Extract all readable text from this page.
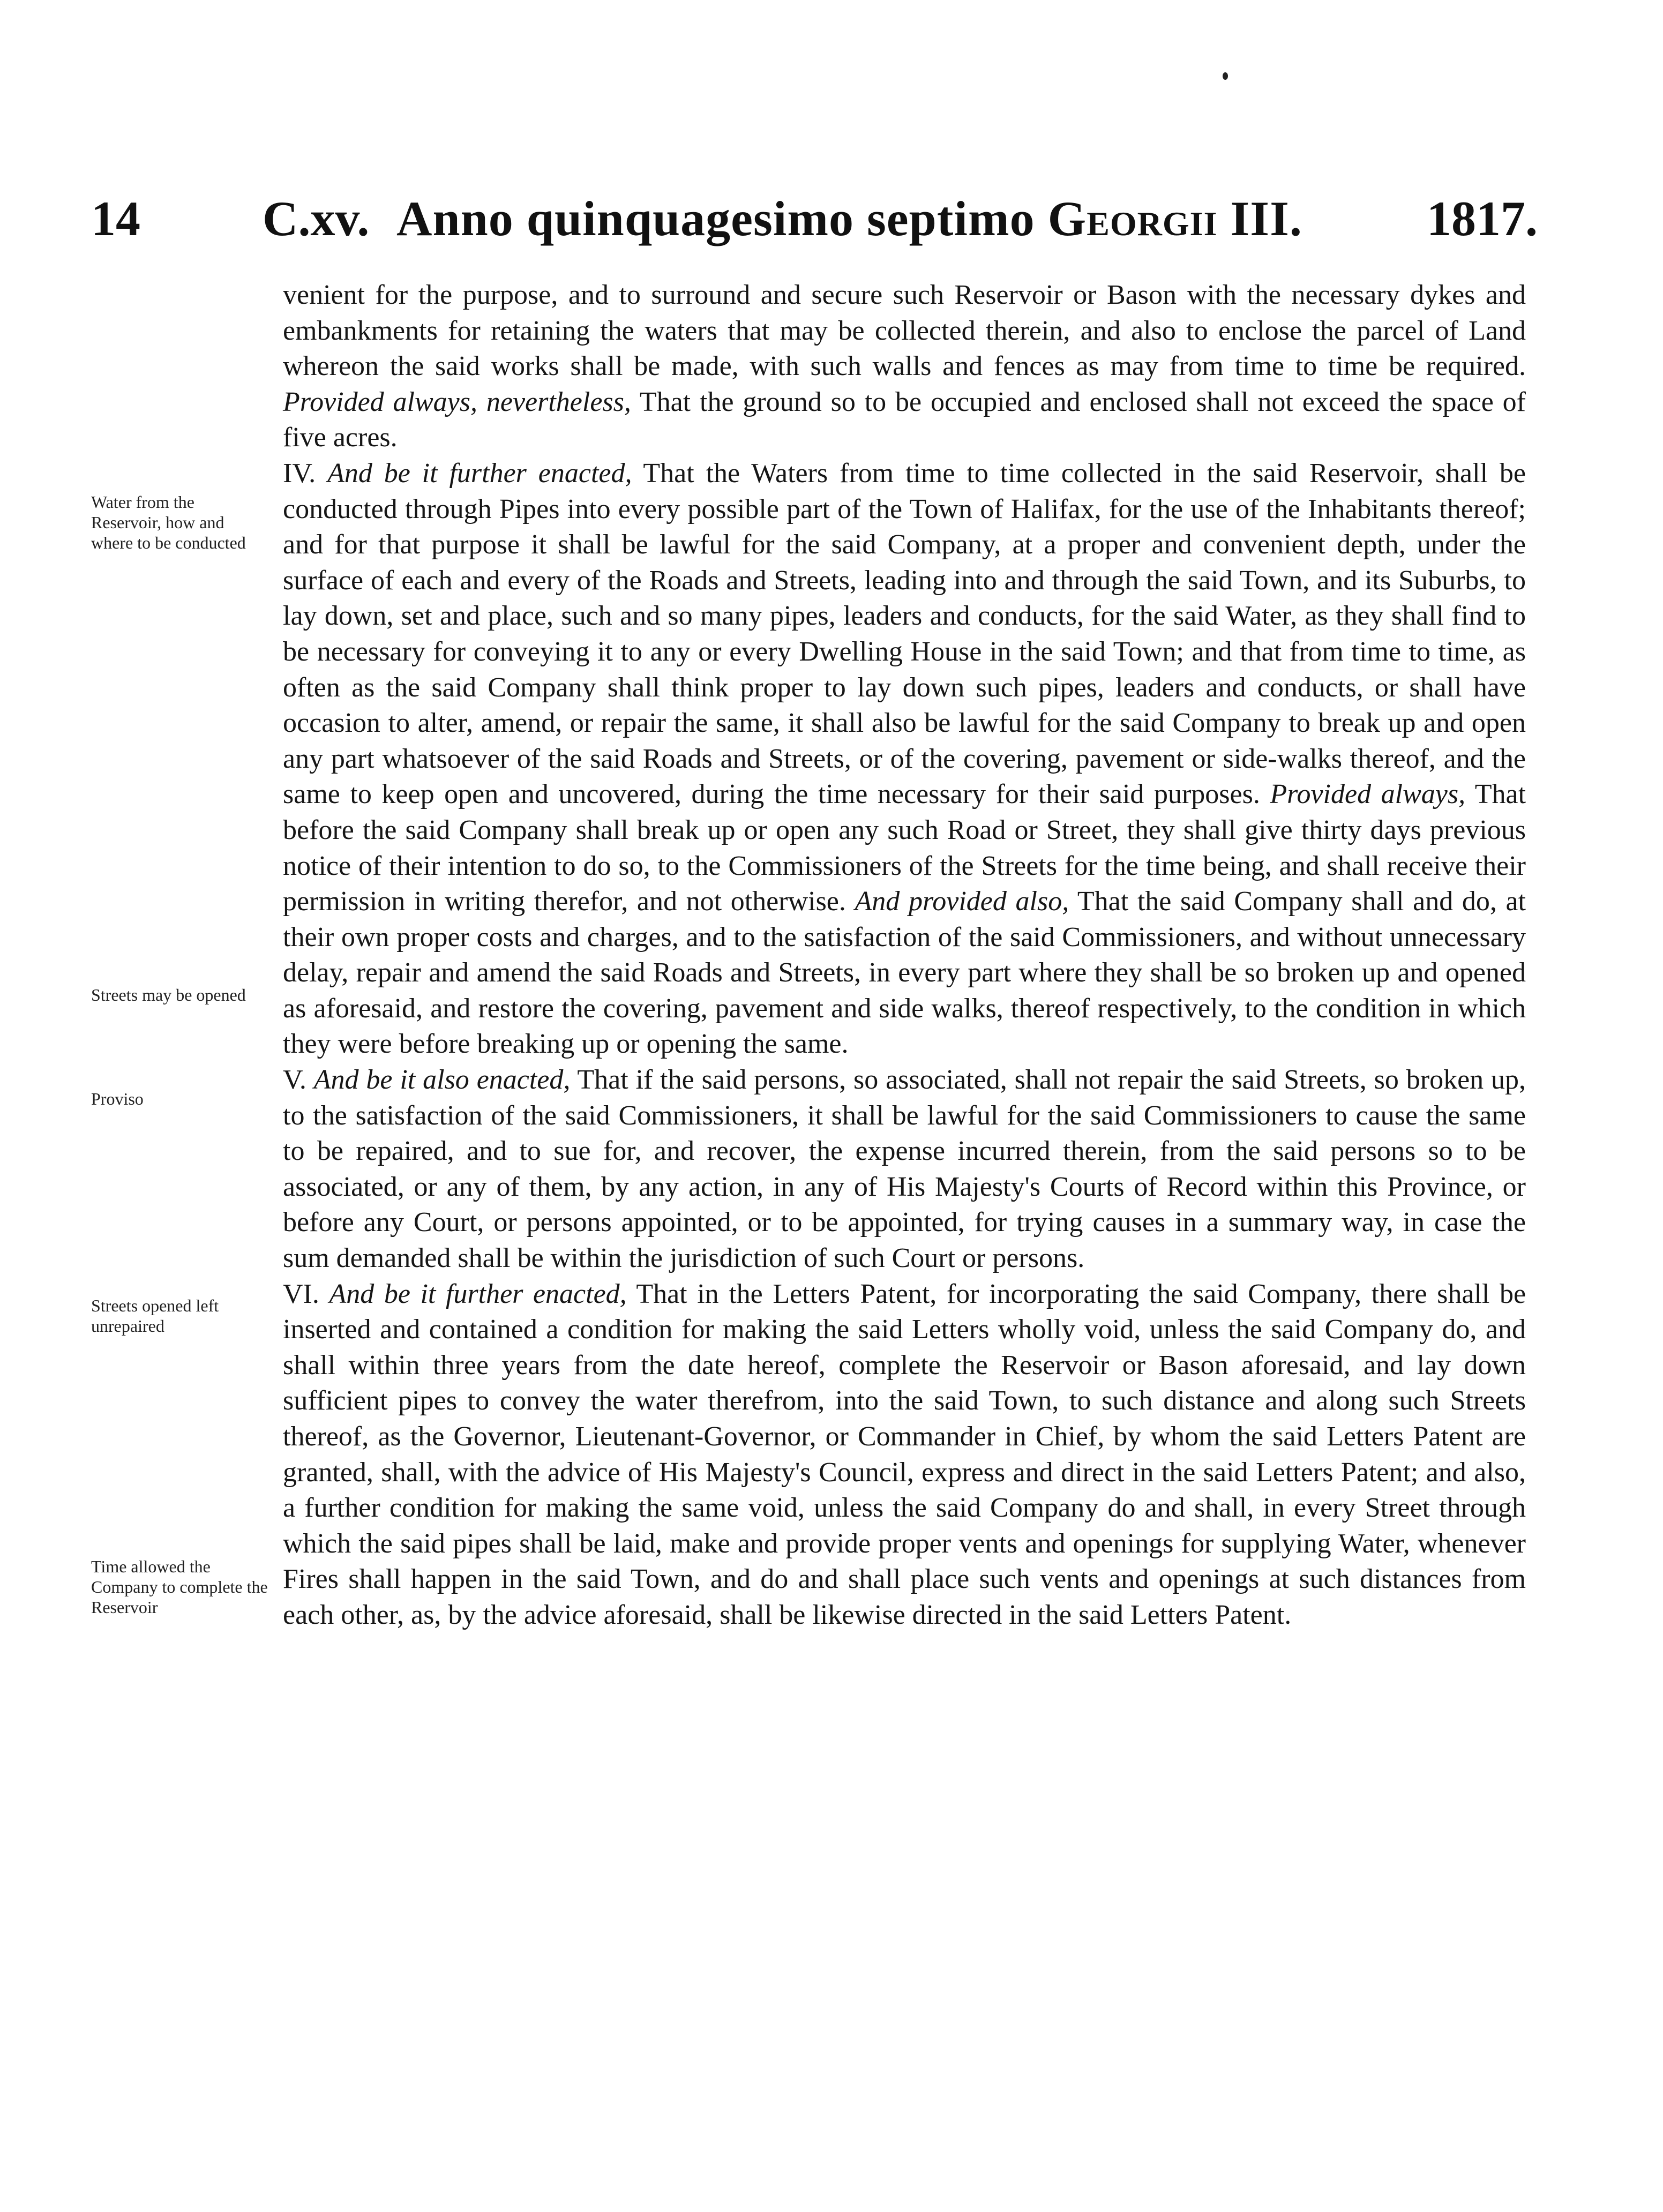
14	C.xv. Anno quinquagesimo septimo Georgii III.	1817.
Water from the Reservoir, how and where to be conducted
Streets may be opened
Proviso
Streets opened left unrepaired
Time allowed the Company to complete the Reservoir

venient for the purpose, and to surround and secure such Reservoir or Bason with the necessary dykes and embankments for retaining the waters that may be collected therein, and also to enclose the parcel of Land whereon the said works shall be made, with such walls and fences as may from time to time be required. Provided always, nevertheless, That the ground so to be occupied and enclosed shall not exceed the space of five acres.

IV. And be it further enacted, That the Waters from time to time collected in the said Reservoir, shall be conducted through Pipes into every possible part of the Town of Halifax, for the use of the Inhabitants thereof; and for that purpose it shall be lawful for the said Company, at a proper and convenient depth, under the surface of each and every of the Roads and Streets, leading into and through the said Town, and its Suburbs, to lay down, set and place, such and so many pipes, leaders and conducts, for the said Water, as they shall find to be necessary for conveying it to any or every Dwelling House in the said Town; and that from time to time, as often as the said Company shall think proper to lay down such pipes, leaders and conducts, or shall have occasion to alter, amend, or repair the same, it shall also be lawful for the said Company to break up and open any part whatsoever of the said Roads and Streets, or of the covering, pavement or side-walks thereof, and the same to keep open and uncovered, during the time necessary for their said purposes. Provided always, That before the said Company shall break up or open any such Road or Street, they shall give thirty days previous notice of their intention to do so, to the Commissioners of the Streets for the time being, and shall receive their permission in writing therefor, and not otherwise. And provided also, That the said Company shall and do, at their own proper costs and charges, and to the satisfaction of the said Commissioners, and without unnecessary delay, repair and amend the said Roads and Streets, in every part where they shall be so broken up and opened as aforesaid, and restore the covering, pavement and side walks, thereof respectively, to the condition in which they were before breaking up or opening the same.

V. And be it also enacted, That if the said persons, so associated, shall not repair the said Streets, so broken up, to the satisfaction of the said Commissioners, it shall be lawful for the said Commissioners to cause the same to be repaired, and to sue for, and recover, the expense incurred therein, from the said persons so to be associated, or any of them, by any action, in any of His Majesty's Courts of Record within this Province, or before any Court, or persons appointed, or to be appointed, for trying causes in a summary way, in case the sum demanded shall be within the jurisdiction of such Court or persons.

VI. And be it further enacted, That in the Letters Patent, for incorporating the said Company, there shall be inserted and contained a condition for making the said Letters wholly void, unless the said Company do, and shall within three years from the date hereof, complete the Reservoir or Bason aforesaid, and lay down sufficient pipes to convey the water therefrom, into the said Town, to such distance and along such Streets thereof, as the Governor, Lieutenant-Governor, or Commander in Chief, by whom the said Letters Patent are granted, shall, with the advice of His Majesty's Council, express and direct in the said Letters Patent; and also, a further condition for making the same void, unless the said Company do and shall, in every Street through which the said pipes shall be laid, make and provide proper vents and openings for supplying Water, whenever Fires shall happen in the said Town, and do and shall place such vents and openings at such distances from each other, as, by the advice aforesaid, shall be likewise directed in the said Letters Patent.
